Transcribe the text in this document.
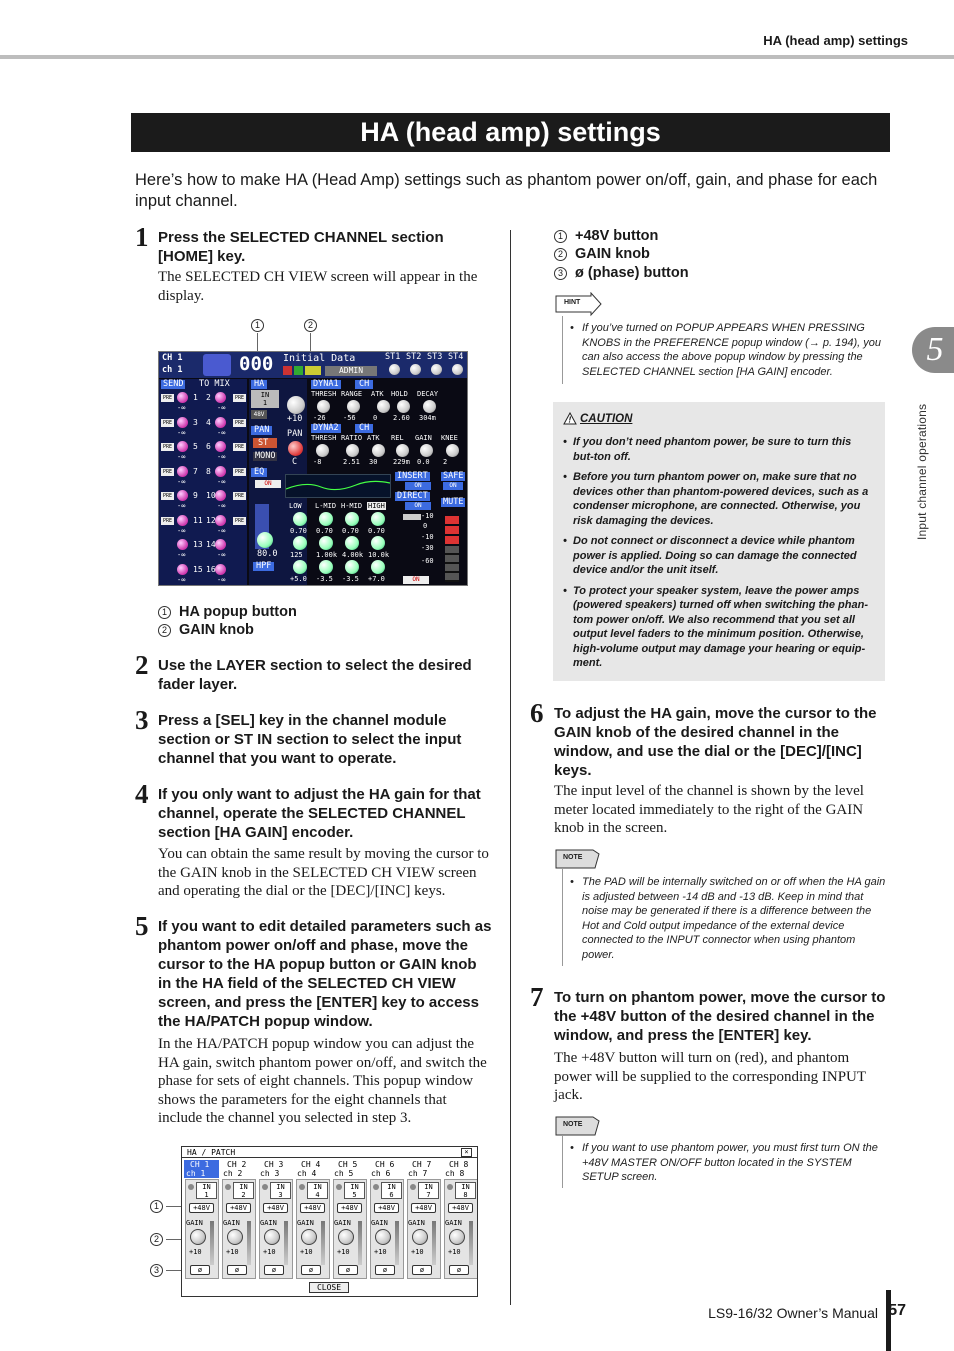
HA (head amp) settings
HA (head amp) settings
Here’s how to make HA (Head Amp) settings such as phantom power on/off, gain, and phase for each input channel.
5
Input channel operations
1 Press the SELECTED CHANNEL section [HOME] key.
The SELECTED CH VIEW screen will appear in the display.
1	2
CH 1
ch 1	000 Initial Data
ADMIN
ST1 ST2 ST3 ST4
SEND TO MIX
PRE	PRE
1 2
-∞	-∞
PRE	PRE
3 4
-∞	-∞
PRE	PRE
5 6
-∞	-∞
PRE	PRE
7 8
-∞	-∞
PRE	PRE
9 10
-∞	-∞
PRE	PRE
11 12
-∞	-∞
13 14
-∞	-∞
15 16
-∞	-∞
HA
IN
1
48V	+10
PAN
ST
MONO
PAN
C
EQ
ON
80.0
HPF
DYNA1	CH
THRESH
-26
RANGE
-56
ATK
0
HOLD
2.60
DECAY
304m
DYNA2	CH
THRESH
-8
RATIO
2.51
ATK
30
REL
229m
GAIN
0.0
KNEE
2
LOW
0.70
125
+5.0
L-MID
0.70
1.00k
-3.5
H-MID
0.70
4.00k
-3.5
HIGH
0.70
10.0k
+7.0
INSERT SAFE
ON	ON
DIRECT
MUTE
ON
-10
0
-10
-30
-60
ON
1 HA popup button
2 GAIN knob
2 Use the LAYER section to select the desired fader layer.
3 Press a [SEL] key in the channel module section or ST IN section to select the input channel that you want to operate.
4 If you only want to adjust the HA gain for that channel, operate the SELECTED CHANNEL section [HA GAIN] encoder.
You can obtain the same result by moving the cursor to the GAIN knob in the SELECTED CH VIEW screen and operating the dial or the [DEC]/[INC] keys.
5 If you want to edit detailed parameters such as phantom power on/off and phase, move the cursor to the HA popup button or GAIN knob in the HA field of the SELECTED CH VIEW screen, and press the [ENTER] key to access the HA/PATCH popup window.
In the HA/PATCH popup window you can adjust the HA gain, switch phantom power on/off, and switch the phase for sets of eight channels. This popup window shows the parameters for the eight channels that include the channel you selected in step 3.
1
2
3
HA / PATCH	×
CH 1
ch 1
IN
1
+48V
GAIN
+10
ø
CH 2
ch 2
IN
2
+48V
GAIN
+10
ø
CH 3
ch 3
IN
3
+48V
GAIN
+10
ø
CH 4
ch 4
IN
4
+48V
GAIN
+10
ø
CH 5
ch 5
IN
5
+48V
GAIN
+10
ø
CH 6
ch 6
IN
6
+48V
GAIN
+10
ø
CH 7
ch 7
IN
7
+48V
GAIN
+10
ø
CH 8
ch 8
IN
8
+48V
GAIN
+10
ø
CLOSE
1 +48V button
2 GAIN knob
3 ø (phase) button
HINT
• If you’ve turned on POPUP APPEARS WHEN PRESSING KNOBS in the PREFERENCE popup window (→ p. 194), you can also access the above popup window by pressing the SELECTED CHANNEL section [HA GAIN] encoder.
! CAUTION
• If you don’t need phantom power, be sure to turn this but-ton off.
• Before you turn phantom power on, make sure that no devices other than phantom-powered devices, such as a condenser microphone, are connected. Otherwise, you risk damaging the devices.
• Do not connect or disconnect a device while phantom power is applied. Doing so can damage the connected device and/or the unit itself.
• To protect your speaker system, leave the power amps (powered speakers) turned off when switching the phan-tom power on/off. We also recommend that you set all output level faders to the minimum position. Otherwise, high-volume output may damage your hearing or equip-ment.
6 To adjust the HA gain, move the cursor to the GAIN knob of the desired channel in the window, and use the dial or the [DEC]/[INC] keys.
The input level of the channel is shown by the level meter located immediately to the right of the GAIN knob in the screen.
NOTE
• The PAD will be internally switched on or off when the HA gain is adjusted between -14 dB and -13 dB. Keep in mind that noise may be generated if there is a difference between the Hot and Cold output impedance of the external device connected to the INPUT connector when using phantom power.
7 To turn on phantom power, move the cursor to the +48V button of the desired channel in the window, and press the [ENTER] key.
The +48V button will turn on (red), and phantom power will be supplied to the corresponding INPUT jack.
NOTE
• If you want to use phantom power, you must first turn ON the +48V MASTER ON/OFF button located in the SYSTEM SETUP screen.
LS9-16/32 Owner’s Manual 57
